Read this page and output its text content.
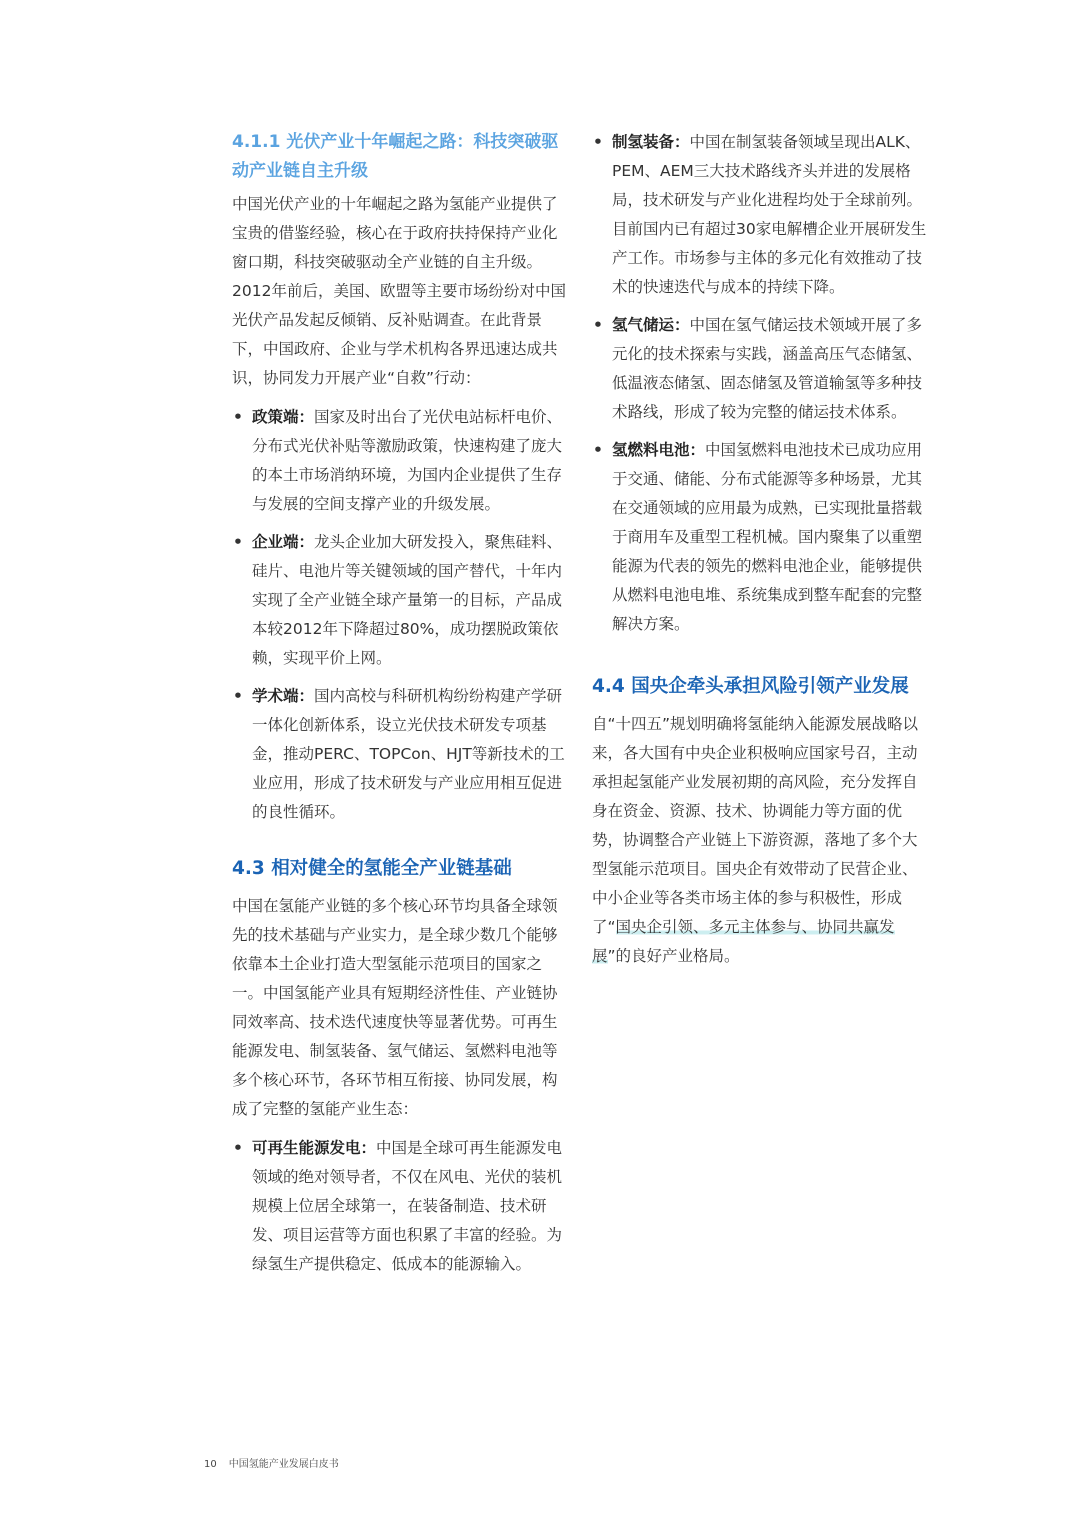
4.1.1 光伏产业十年崛起之路：科技突破驱动产业链自主升级

中国光伏产业的十年崛起之路为氢能产业提供了宝贵的借鉴经验，核心在于政府扶持保持产业化窗口期，科技突破驱动全产业链的自主升级。2012年前后，美国、欧盟等主要市场纷纷对中国光伏产品发起反倾销、反补贴调查。在此背景下，中国政府、企业与学术机构各界迅速达成共识，协同发力开展产业“自救”行动：

• 政策端：国家及时出台了光伏电站标杆电价、分布式光伏补贴等激励政策，快速构建了庞大的本土市场消纳环境，为国内企业提供了生存与发展的空间支撑产业的升级发展。
• 企业端：龙头企业加大研发投入，聚焦硅料、硅片、电池片等关键领域的国产替代，十年内实现了全产业链全球产量第一的目标，产品成本较2012年下降超过80%，成功摆脱政策依赖，实现平价上网。
• 学术端：国内高校与科研机构纷纷构建产学研一体化创新体系，设立光伏技术研发专项基金，推动PERC、TOPCon、HJT等新技术的工业应用，形成了技术研发与产业应用相互促进的良性循环。
4.3 相对健全的氢能全产业链基础

中国在氢能产业链的多个核心环节均具备全球领先的技术基础与产业实力，是全球少数几个能够依靠本土企业打造大型氢能示范项目的国家之一。中国氢能产业具有短期经济性佳、产业链协同效率高、技术迭代速度快等显著优势。可再生能源发电、制氢装备、氢气储运、氢燃料电池等多个核心环节，各环节相互衔接、协同发展，构成了完整的氢能产业生态：

• 可再生能源发电：中国是全球可再生能源发电领域的绝对领导者，不仅在风电、光伏的装机规模上位居全球第一，在装备制造、技术研发、项目运营等方面也积累了丰富的经验。为绿氢生产提供稳定、低成本的能源输入。
• 制氢装备：中国在制氢装备领域呈现出ALK、PEM、AEM三大技术路线齐头并进的发展格局，技术研发与产业化进程均处于全球前列。目前国内已有超过30家电解槽企业开展研发生产工作。市场参与主体的多元化有效推动了技术的快速迭代与成本的持续下降。
• 氢气储运：中国在氢气储运技术领域开展了多元化的技术探索与实践，涵盖高压气态储氢、低温液态储氢、固态储氢及管道输氢等多种技术路线，形成了较为完整的储运技术体系。
• 氢燃料电池：中国氢燃料电池技术已成功应用于交通、储能、分布式能源等多种场景，尤其在交通领域的应用最为成熟，已实现批量搭载于商用车及重型工程机械。国内聚集了以重塑能源为代表的领先的燃料电池企业，能够提供从燃料电池电堆、系统集成到整车配套的完整解决方案。
4.4 国央企牵头承担风险引领产业发展

自“十四五”规划明确将氢能纳入能源发展战略以来，各大国有中央企业积极响应国家号召，主动承担起氢能产业发展初期的高风险，充分发挥自身在资金、资源、技术、协调能力等方面的优势，协调整合产业链上下游资源，落地了多个大型氢能示范项目。国央企有效带动了民营企业、中小企业等各类市场主体的参与积极性，形成了“国央企引领、多元主体参与、协同共赢发展”的良好产业格局。

10 中国氢能产业发展白皮书
